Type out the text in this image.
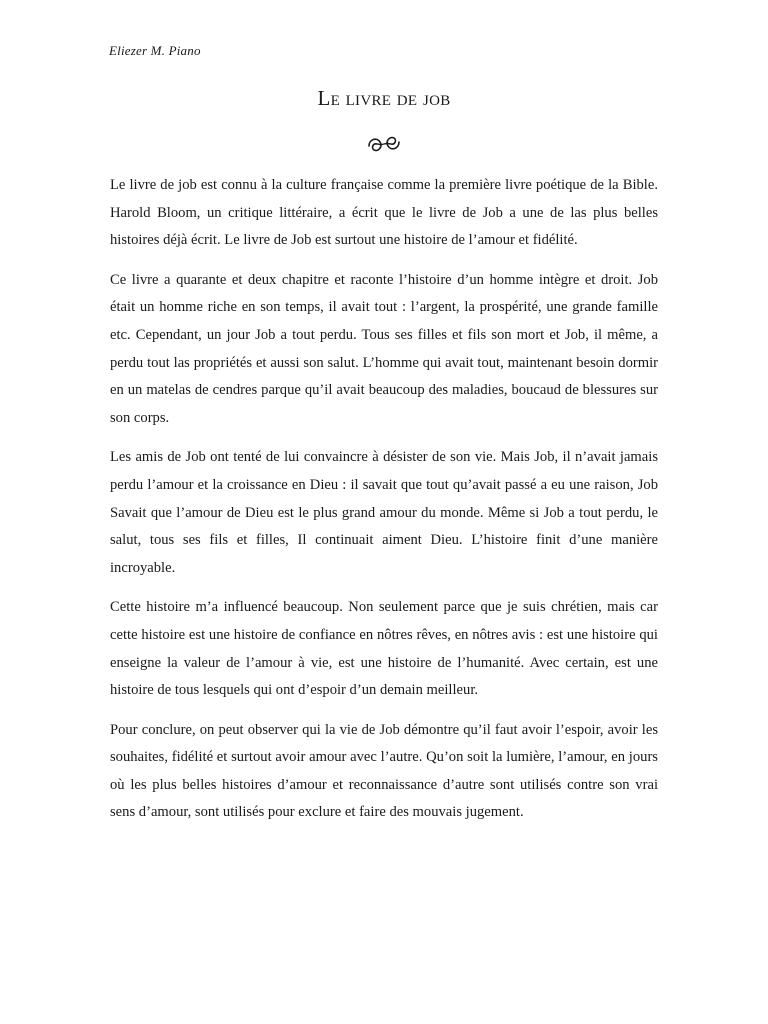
Eliezer M. Piano
Le livre de job

Le livre de job est connu à la culture française comme la première livre poétique de la Bible. Harold Bloom, un critique littéraire, a écrit que le livre de Job a une de las plus belles histoires déjà écrit. Le livre de Job est surtout une histoire de l’amour et fidélité.

Ce livre a quarante et deux chapitre et raconte l’histoire d’un homme intègre et droit. Job était un homme riche en son temps, il avait tout : l’argent, la prospérité, une grande famille etc. Cependant, un jour Job a tout perdu. Tous ses filles et fils son mort et Job, il même, a perdu tout las propriétés et aussi son salut. L’homme qui avait tout, maintenant besoin dormir en un matelas de cendres parque qu’il avait beaucoup des maladies, boucaud de blessures sur son corps.

Les amis de Job ont tenté de lui convaincre à désister de son vie. Mais Job, il n’avait jamais perdu l’amour et la croissance en Dieu : il savait que tout qu’avait passé a eu une raison, Job Savait que l’amour de Dieu est le plus grand amour du monde. Même si Job a tout perdu, le salut, tous ses fils et filles, Il continuait aiment Dieu. L’histoire finit d’une manière incroyable.

Cette histoire m’a influencé beaucoup. Non seulement parce que je suis chrétien, mais car cette histoire est une histoire de confiance en nôtres rêves, en nôtres avis : est une histoire qui enseigne la valeur de l’amour à vie, est une histoire de l’humanité. Avec certain, est une histoire de tous lesquels qui ont d’espoir d’un demain meilleur.

Pour conclure, on peut observer qui la vie de Job démontre qu’il faut avoir l’espoir, avoir les souhaites, fidélité et surtout avoir amour avec l’autre. Qu’on soit la lumière, l’amour, en jours où les plus belles histoires d’amour et reconnaissance d’autre sont utilisés contre son vrai sens d’amour, sont utilisés pour exclure et faire des mouvais jugement.
